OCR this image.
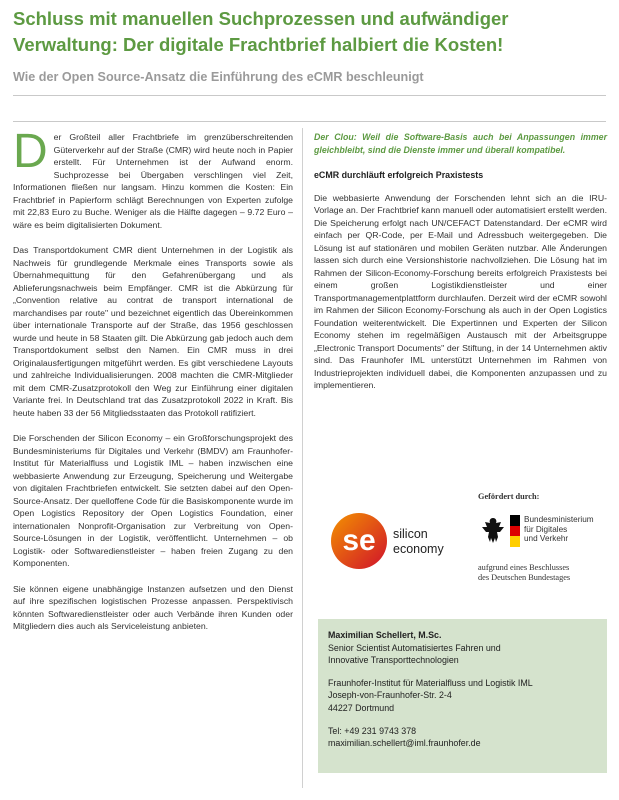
Schluss mit manuellen Suchprozessen und aufwändiger Verwaltung: Der digitale Frachtbrief halbiert die Kosten!
Wie der Open Source-Ansatz die Einführung des eCMR beschleunigt

Der Großteil aller Frachtbriefe im grenzüberschreitenden Güterverkehr auf der Straße (CMR) wird heute noch in Papier erstellt. Für Unternehmen ist der Aufwand enorm. Suchprozesse bei Übergaben verschlingen viel Zeit, Informationen fließen nur langsam. Hinzu kommen die Kosten: Ein Frachtbrief in Papierform schlägt Berechnungen von Experten zufolge mit 22,83 Euro zu Buche. Weniger als die Hälfte dagegen – 9.72 Euro – wäre es beim digitalisierten Dokument.

Das Transportdokument CMR dient Unternehmen in der Logistik als Nachweis für grundlegende Merkmale eines Transports sowie als Übernahmequittung für den Gefahrenübergang und als Ablieferungsnachweis beim Empfänger. CMR ist die Abkürzung für „Convention relative au contrat de transport international de marchandises par route" und bezeichnet eigentlich das Übereinkommen über internationale Transporte auf der Straße, das 1956 geschlossen wurde und heute in 58 Staaten gilt. Die Abkürzung gab jedoch auch dem Transportdokument selbst den Namen. Ein CMR muss in drei Originalausfertigungen mitgeführt werden. Es gibt verschiedene Layouts und zahlreiche Individualisierungen. 2008 machten die CMR-Mitglieder mit dem CMR-Zusatzprotokoll den Weg zur Einführung einer digitalen Variante frei. In Deutschland trat das Zusatzprotokoll 2022 in Kraft. Bis heute haben 33 der 56 Mitgliedsstaaten das Protokoll ratifiziert.

Die Forschenden der Silicon Economy – ein Großforschungsprojekt des Bundesministeriums für Digitales und Verkehr (BMDV) am Fraunhofer-Institut für Materialfluss und Logistik IML – haben inzwischen eine webbasierte Anwendung zur Erzeugung, Speicherung und Weitergabe von digitalen Frachtbriefen entwickelt. Sie setzten dabei auf den Open-Source-Ansatz. Der quelloffene Code für die Basiskomponente wurde im Open Logistics Repository der Open Logistics Foundation, einer internationalen Nonprofit-Organisation zur Verbreitung von Open-Source-Lösungen in der Logistik, veröffentlicht. Unternehmen – ob Logistik- oder Softwaredienstleister – haben freien Zugang zu den Komponenten.

Sie können eigene unabhängige Instanzen aufsetzen und den Dienst auf ihre spezifischen logistischen Prozesse anpassen. Perspektivisch könnten Softwaredienstleister oder auch Verbände ihren Kunden oder Mitgliedern dies auch als Serviceleistung anbieten.

Der Clou: Weil die Software-Basis auch bei Anpassungen immer gleichbleibt, sind die Dienste immer und überall kompatibel.

eCMR durchläuft erfolgreich Praxistests

Die webbasierte Anwendung der Forschenden lehnt sich an die IRU-Vorlage an. Der Frachtbrief kann manuell oder automatisiert erstellt werden. Die Speicherung erfolgt nach UN/CEFACT Datenstandard. Der eCMR wird einfach per QR-Code, per E-Mail und Adressbuch weitergegeben. Die Lösung ist auf stationären und mobilen Geräten nutzbar. Alle Änderungen lassen sich durch eine Versionshistorie nachvollziehen. Die Lösung hat im Rahmen der Silicon-Economy-Forschung bereits erfolgreich Praxistests bei einem großen Logistikdienstleister und einer Transportmanagementplattform durchlaufen. Derzeit wird der eCMR sowohl im Rahmen der Silicon Economy-Forschung als auch in der Open Logistics Foundation weiterentwickelt. Die Expertinnen und Experten der Silicon Economy stehen im regelmäßigen Austausch mit der Arbeitsgruppe „Electronic Transport Documents" der Stiftung, in der 14 Unternehmen aktiv sind. Das Fraunhofer IML unterstützt Unternehmen im Rahmen von Industrieprojekten individuell dabei, die Komponenten anzupassen und zu implementieren.

se silicon
economy
Gefördert durch:
Bundesministerium
für Digitales
und Verkehr
aufgrund eines Beschlusses
des Deutschen Bundestages
Maximilian Schellert, M.Sc.
Senior Scientist Automatisiertes Fahren und
Innovative Transporttechnologien
Fraunhofer-Institut für Materialfluss und Logistik IML
Joseph-von-Fraunhofer-Str. 2-4
44227 Dortmund
Tel: +49 231 9743 378
maximilian.schellert@iml.fraunhofer.de
